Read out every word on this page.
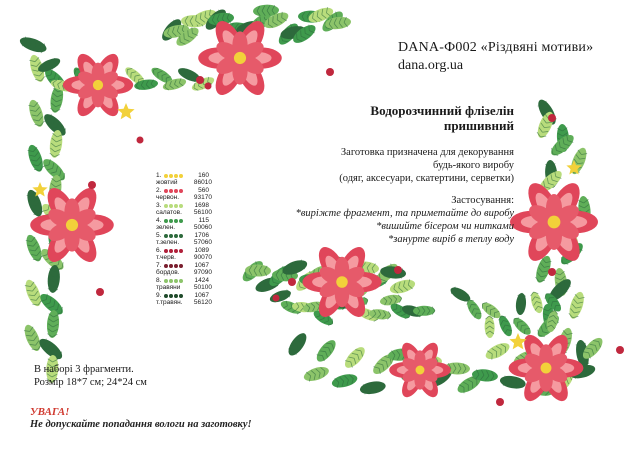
DANA-Ф002 «Різдвяні мотиви»
dana.org.ua
Водорозчинний флізелін
пришивний
Заготовка призначена для декорування
будь-якого виробу
(одяг, аксесуари, скатертини, серветки)
Застосування:
*виріжте фрагмент, та приметайте до виробу
*вишийте бісером чи нитками
*занурте виріб в теплу воду
1.	160
жовтий	86010
2.	560
червон. 93170
3.	1698
салатов. 56100
4.	115
зелен.	50060
5.	1706
т.зелен. 57060
6.	1089
т.черв.	90070
7.	1067
бордов. 97090
8.	1424
травяни 50100
9.	1067
т.травян. 56120
В наборі 3 фрагменти.
Розмір 18*7 см; 24*24 см
УВАГА!
Не допускайте попадання вологи на заготовку!
